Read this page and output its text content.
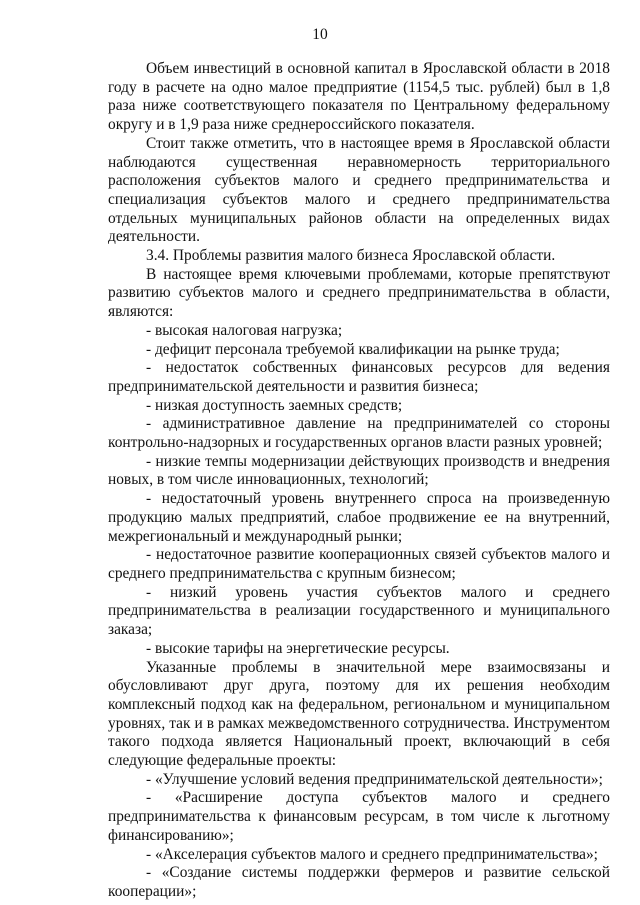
10

Объем инвестиций в основной капитал в Ярославской области в 2018 году в расчете на одно малое предприятие (1154,5 тыс. рублей) был в 1,8 раза ниже соответствующего показателя по Центральному федеральному округу и в 1,9 раза ниже среднероссийского показателя.

Стоит также отметить, что в настоящее время в Ярославской области наблюдаются существенная неравномерность территориального расположения субъектов малого и среднего предпринимательства и специализация субъектов малого и среднего предпринимательства отдельных муниципальных районов области на определенных видах деятельности.

3.4. Проблемы развития малого бизнеса Ярославской области.

В настоящее время ключевыми проблемами, которые препятствуют развитию субъектов малого и среднего предпринимательства в области, являются:

- высокая налоговая нагрузка;

- дефицит персонала требуемой квалификации на рынке труда;

- недостаток собственных финансовых ресурсов для ведения предпринимательской деятельности и развития бизнеса;

- низкая доступность заемных средств;

- административное давление на предпринимателей со стороны контрольно-надзорных и государственных органов власти разных уровней;

- низкие темпы модернизации действующих производств и внедрения новых, в том числе инновационных, технологий;

- недостаточный уровень внутреннего спроса на произведенную продукцию малых предприятий, слабое продвижение ее на внутренний, межрегиональный и международный рынки;

- недостаточное развитие кооперационных связей субъектов малого и среднего предпринимательства с крупным бизнесом;

- низкий уровень участия субъектов малого и среднего предпринимательства в реализации государственного и муниципального заказа;

- высокие тарифы на энергетические ресурсы.

Указанные проблемы в значительной мере взаимосвязаны и обусловливают друг друга, поэтому для их решения необходим комплексный подход как на федеральном, региональном и муниципальном уровнях, так и в рамках межведомственного сотрудничества. Инструментом такого подхода является Национальный проект, включающий в себя следующие федеральные проекты:

- «Улучшение условий ведения предпринимательской деятельности»;

- «Расширение доступа субъектов малого и среднего предпринимательства к финансовым ресурсам, в том числе к льготному финансированию»;

- «Акселерация субъектов малого и среднего предпринимательства»;

- «Создание системы поддержки фермеров и развитие сельской кооперации»;
